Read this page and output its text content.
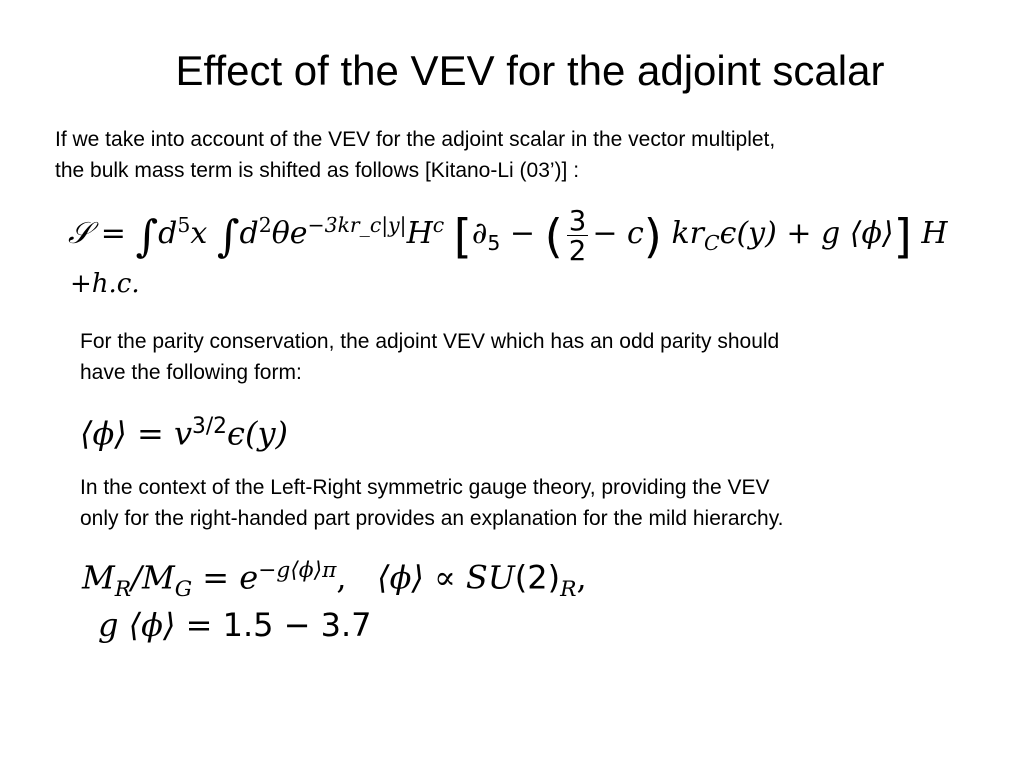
Effect of the VEV for the adjoint scalar
If we take into account of the VEV for the adjoint scalar in the vector multiplet,
the bulk mass term is shifted as follows [Kitano-Li (03’)] :
𝒮 = $\int d^5x$ $\int d^2\theta e^{-3kr\_c|y|}H^c$ [$\partial_5$ − ( $\frac{3}{2} - c$) $kr_C\epsilon(y) + g$ ⟨ϕ⟩] H
+h.c.
For the parity conservation, the adjoint VEV which has an odd parity should
have the following form:
⟨ϕ⟩ = $v^{3/2}\epsilon(y)$
In the context of the Left-Right symmetric gauge theory, providing the VEV
only for the right-handed part provides an explanation for the mild hierarchy.
$M_R/M_G = e^{-g⟨\phi⟩\pi}$, ⟨ϕ⟩ ∝ $SU(2)_R$,
g ⟨ϕ⟩ = 1.5 − 3.7
